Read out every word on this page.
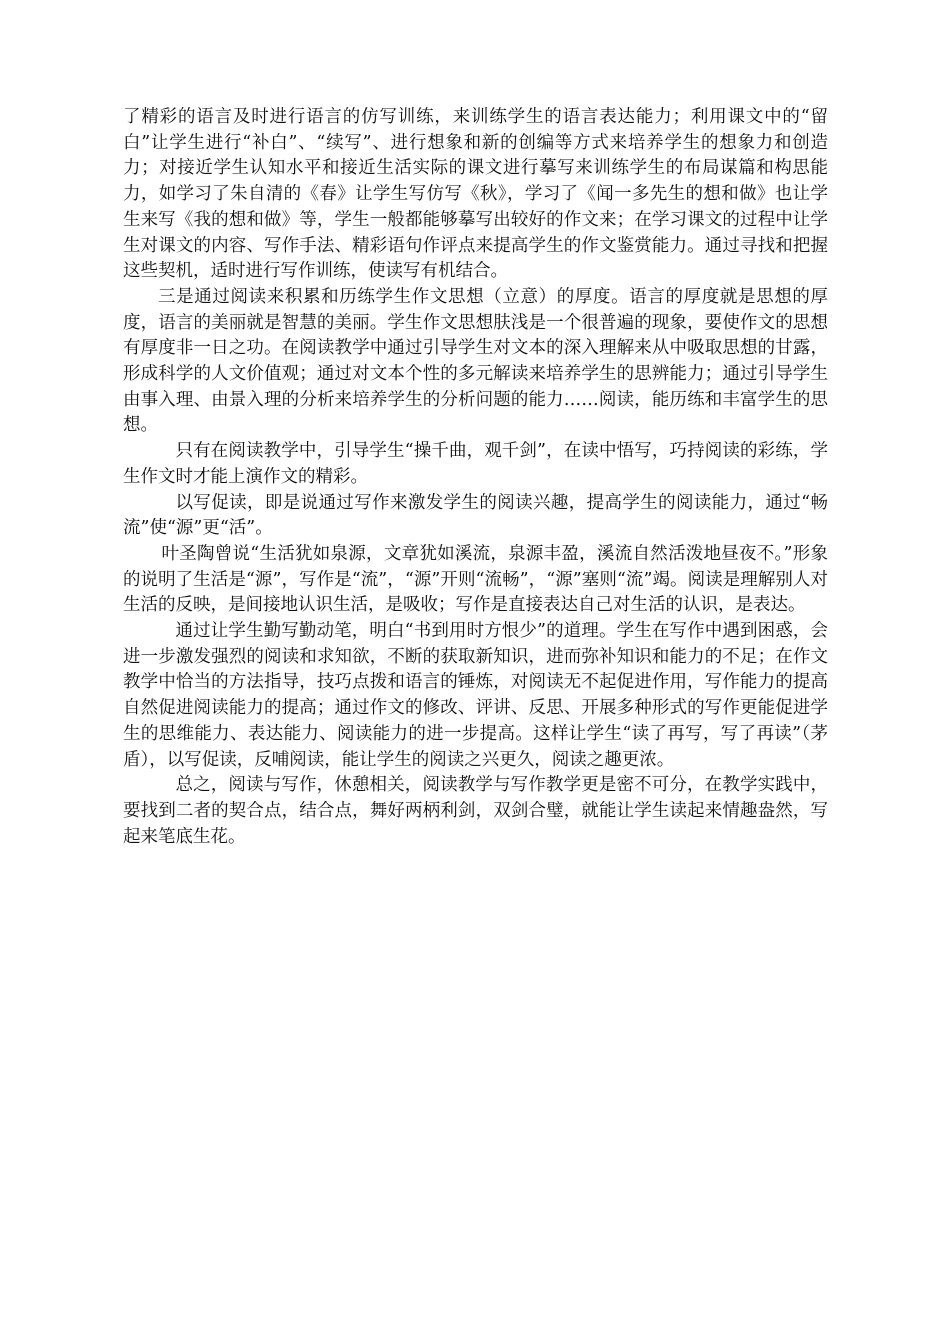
了精彩的语言及时进行语言的仿写训练，来训练学生的语言表达能力；利用课文中的“留白”让学生进行“补白”、“续写”、进行想象和新的创编等方式来培养学生的想象力和创造力；对接近学生认知水平和接近生活实际的课文进行摹写来训练学生的布局谋篇和构思能力，如学习了朱自清的《春》让学生写仿写《秋》，学习了《闻一多先生的想和做》也让学生来写《我的想和做》等，学生一般都能够摹写出较好的作文来；在学习课文的过程中让学生对课文的内容、写作手法、精彩语句作评点来提高学生的作文鉴赏能力。通过寻找和把握这些契机，适时进行写作训练，使读写有机结合。

三是通过阅读来积累和历练学生作文思想（立意）的厚度。语言的厚度就是思想的厚度，语言的美丽就是智慧的美丽。学生作文思想肤浅是一个很普遍的现象，要使作文的思想有厚度非一日之功。在阅读教学中通过引导学生对文本的深入理解来从中吸取思想的甘露，形成科学的人文价值观；通过对文本个性的多元解读来培养学生的思辨能力；通过引导学生由事入理、由景入理的分析来培养学生的分析问题的能力……阅读，能历练和丰富学生的思想。

只有在阅读教学中，引导学生“操千曲，观千剑”，在读中悟写，巧持阅读的彩练，学生作文时才能上演作文的精彩。

以写促读，即是说通过写作来激发学生的阅读兴趣，提高学生的阅读能力，通过“畅流”使“源”更“活”。

叶圣陶曾说“生活犹如泉源，文章犹如溪流，泉源丰盈，溪流自然活泼地昼夜不。”形象的说明了生活是“源”，写作是“流”，“源”开则“流畅”，“源”塞则“流”竭。阅读是理解别人对生活的反映，是间接地认识生活，是吸收；写作是直接表达自己对生活的认识，是表达。

通过让学生勤写勤动笔，明白“书到用时方恨少”的道理。学生在写作中遇到困惑，会进一步激发强烈的阅读和求知欲，不断的获取新知识，进而弥补知识和能力的不足；在作文教学中恰当的方法指导，技巧点拨和语言的锤炼，对阅读无不起促进作用，写作能力的提高自然促进阅读能力的提高；通过作文的修改、评讲、反思、开展多种形式的写作更能促进学生的思维能力、表达能力、阅读能力的进一步提高。这样让学生“读了再写，写了再读”（茅盾），以写促读，反哺阅读，能让学生的阅读之兴更久，阅读之趣更浓。

总之，阅读与写作，休憩相关，阅读教学与写作教学更是密不可分，在教学实践中，要找到二者的契合点，结合点，舞好两柄利剑，双剑合璧，就能让学生读起来情趣盎然，写起来笔底生花。
